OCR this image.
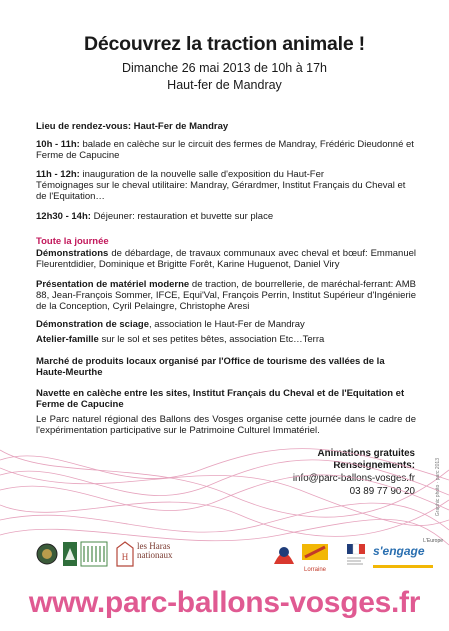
Découvrez la traction animale !
Dimanche 26 mai 2013 de 10h à 17h
Haut-fer de Mandray
Lieu de rendez-vous: Haut-Fer de Mandray
10h - 11h: balade en calèche sur le circuit des fermes de Mandray, Frédéric Dieudonné et Ferme de Capucine
11h - 12h: inauguration de la nouvelle salle d'exposition du Haut-Fer
Témoignages sur le cheval utilitaire: Mandray, Gérardmer, Institut Français du Cheval et de l'Equitation…
12h30 - 14h: Déjeuner: restauration et buvette sur place
Toute la journée
Démonstrations de débardage, de travaux communaux avec cheval et bœuf: Emmanuel Fleurentdidier, Dominique et Brigitte Forêt, Karine Huguenot, Daniel Viry
Présentation de matériel moderne de traction, de bourrellerie, de maréchal-ferrant: AMB 88, Jean-François Sommer, IFCE, Equi'Val, François Perrin, Institut Supérieur d'Ingénierie de la Conception, Cyril Pelaingre, Christophe Aresi
Démonstration de sciage, association le Haut-Fer de Mandray
Atelier-famille sur le sol et ses petites bêtes, association Etc…Terra
Marché de produits locaux organisé par l'Office de tourisme des vallées de la Haute-Meurthe
Navette en calèche entre les sites, Institut Français du Cheval et de l'Equitation et Ferme de Capucine
Le Parc naturel régional des Ballons des Vosges organise cette journée dans le cadre de l'expérimentation participative sur le Patrimoine Culturel Immatériel.
Animations gratuites
Renseignements:
info@parc-ballons-vosges.fr
03 89 77 90 20
H
les Haras
nationaux
Lorraine
L'Europe
s'engage
Graphic photo · parc 2013
www.parc-ballons-vosges.fr
